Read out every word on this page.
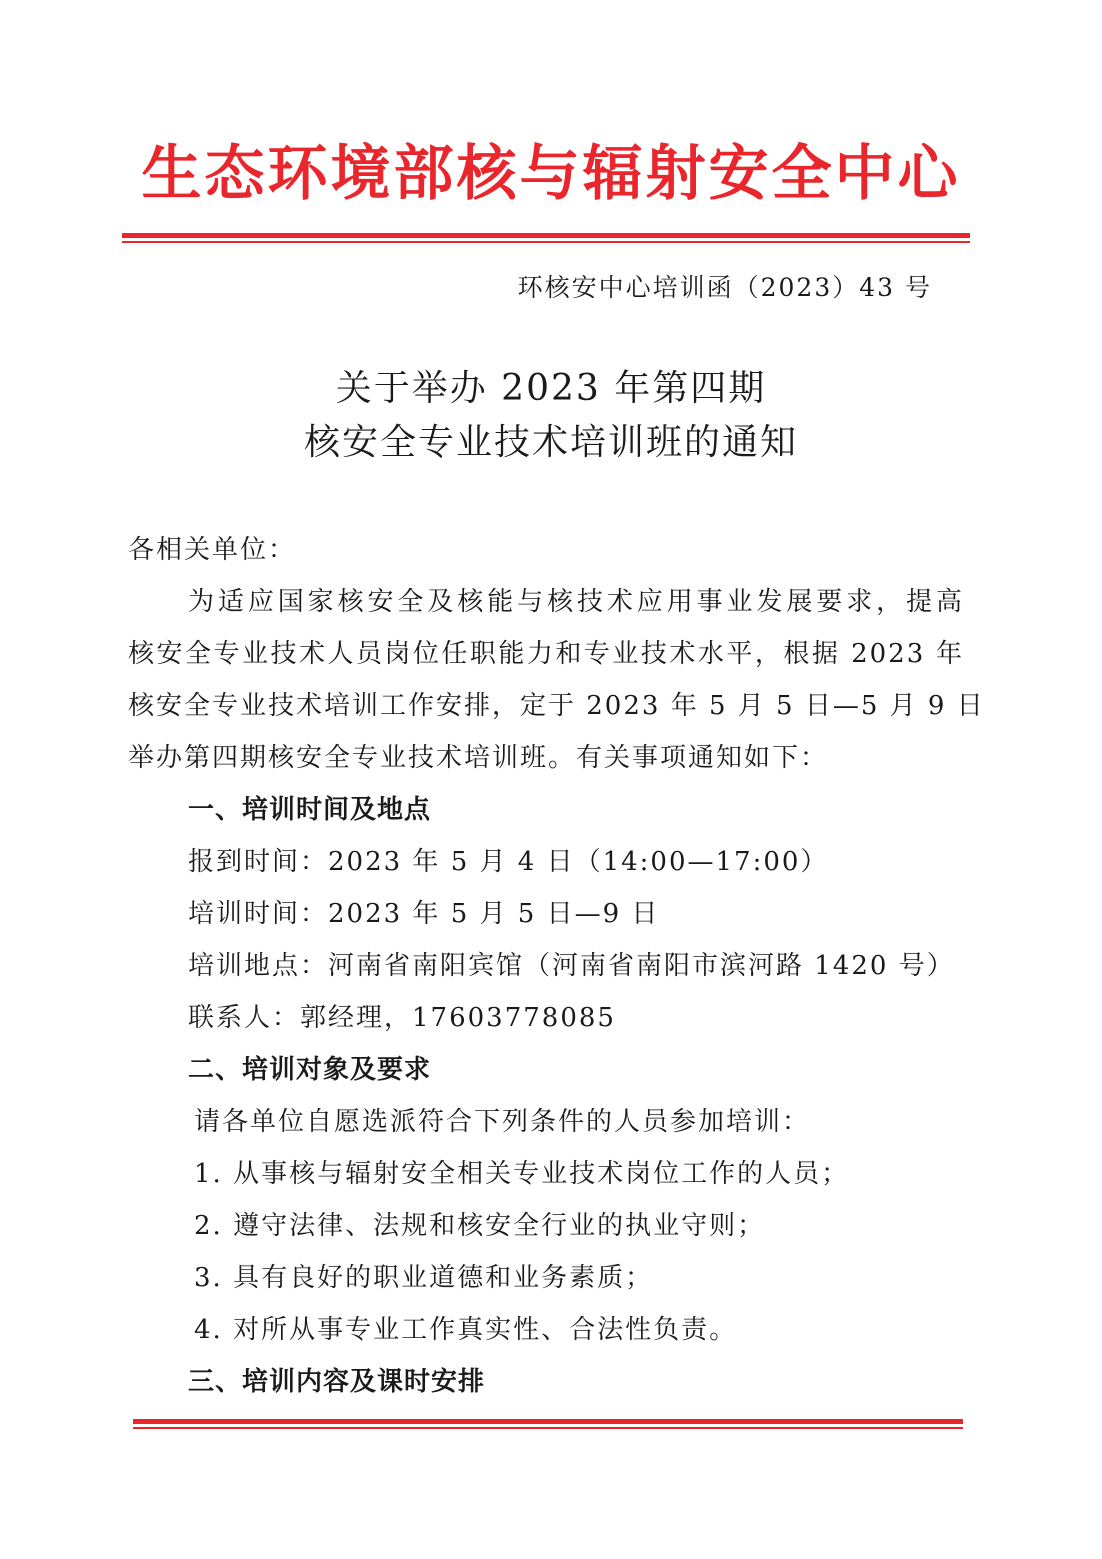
生态环境部核与辐射安全中心
环核安中心培训函（2023）43 号
关于举办 2023 年第四期
核安全专业技术培训班的通知
各相关单位：
为适应国家核安全及核能与核技术应用事业发展要求，提高
核安全专业技术人员岗位任职能力和专业技术水平，根据 2023 年
核安全专业技术培训工作安排，定于 2023 年 5 月 5 日—5 月 9 日
举办第四期核安全专业技术培训班。有关事项通知如下：
一、培训时间及地点
报到时间：2023 年 5 月 4 日（14:00—17:00）
培训时间：2023 年 5 月 5 日—9 日
培训地点：河南省南阳宾馆（河南省南阳市滨河路 1420 号）
联系人：郭经理，17603778085
二、培训对象及要求
请各单位自愿选派符合下列条件的人员参加培训：
1. 从事核与辐射安全相关专业技术岗位工作的人员；
2. 遵守法律、法规和核安全行业的执业守则；
3. 具有良好的职业道德和业务素质；
4. 对所从事专业工作真实性、合法性负责。
三、培训内容及课时安排
